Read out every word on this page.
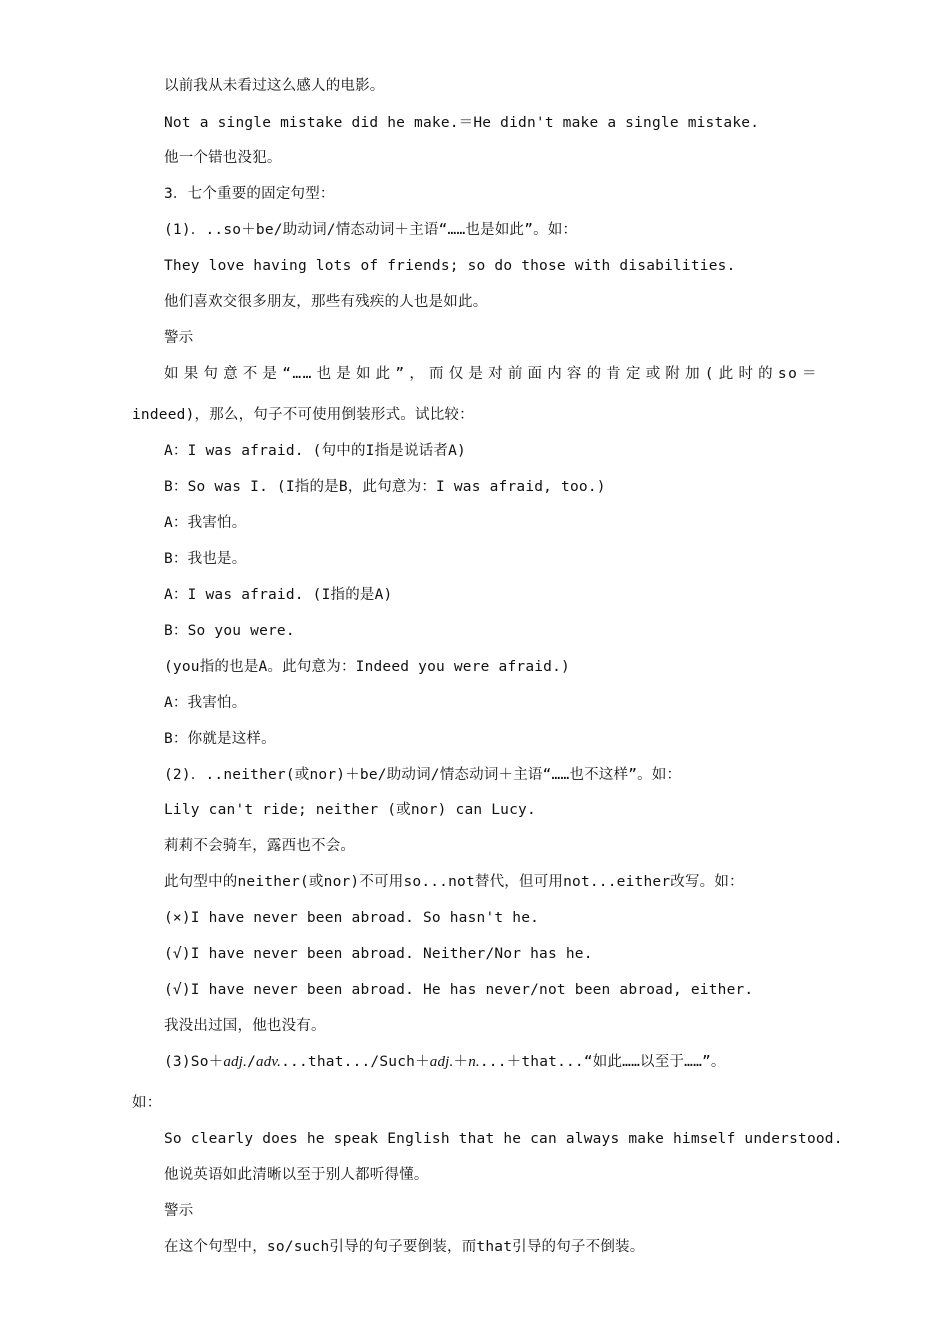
以前我从未看过这么感人的电影。
Not a single mistake did he make.＝He didn't make a single mistake.
他一个错也没犯。
3．七个重要的固定句型：
(1)．..so＋be/助动词/情态动词＋主语“……也是如此”。如：
They love having lots of friends; so do those with disabilities.
他们喜欢交很多朋友，那些有残疾的人也是如此。
警示
如果句意不是“……也是如此”，而仅是对前面内容的肯定或附加(此时的so＝
indeed)，那么，句子不可使用倒装形式。试比较：
A：I was afraid. (句中的I指是说话者A)
B：So was I. (I指的是B，此句意为：I was afraid, too.)
A：我害怕。
B：我也是。
A：I was afraid. (I指的是A)
B：So you were.
(you指的也是A。此句意为：Indeed you were afraid.)
A：我害怕。
B：你就是这样。
(2)．..neither(或nor)＋be/助动词/情态动词＋主语“……也不这样”。如：
Lily can't ride; neither (或nor) can Lucy.
莉莉不会骑车，露西也不会。
此句型中的neither(或nor)不可用so...not替代，但可用not...either改写。如：
(×)I have never been abroad. So hasn't he.
(√)I have never been abroad. Neither/Nor has he.
(√)I have never been abroad. He has never/not been abroad, either.
我没出过国，他也没有。
(3)So＋adj./adv....that.../Such＋adj.＋n....＋that...“如此……以至于……”。
如：
So clearly does he speak English that he can always make himself understood.
他说英语如此清晰以至于别人都听得懂。
警示
在这个句型中，so/such引导的句子要倒装，而that引导的句子不倒装。
